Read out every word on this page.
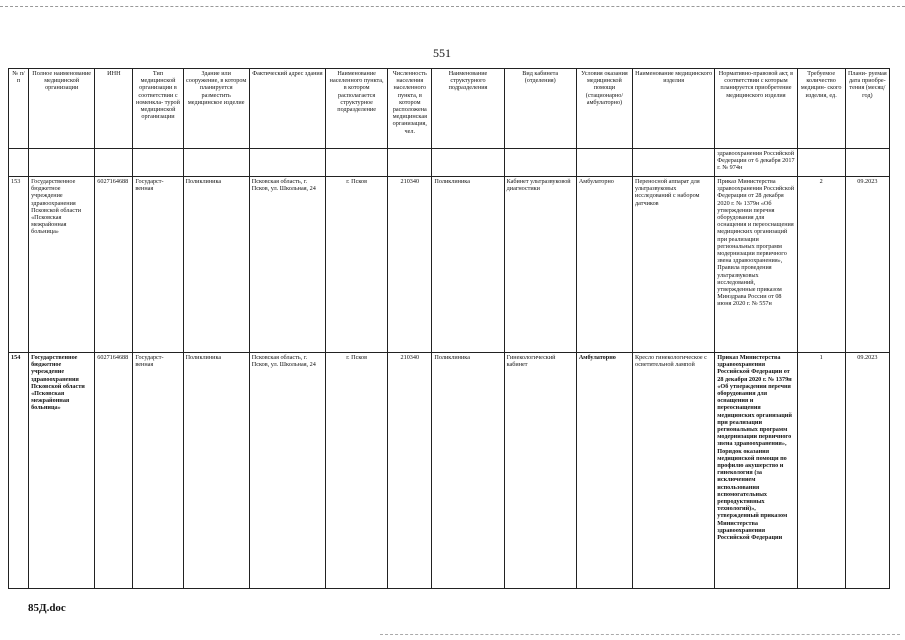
551
№ п/п	Полное наименование медицинской организации	ИНН	Тип медицинской организации в соответствии с номенкла- турой медицинской организации	Здание или сооружение, в котором планируется разместить медицинское изделие	Фактический адрес здания	Наименование населенного пункта, в котором располагается структурное подразделение	Численность населения населенного пункта, в котором расположена медицинская организация, чел.	Наименование структурного подразделения	Вид кабинета (отделения)	Условия оказания медицинской помощи (стационарно/ амбулаторно)	Наименование медицинского изделия	Нормативно-правовой акт, в соответствии с которым планируется приобретение медицинского изделия	Требуемое количество медицин- ского изделия, ед.	Плани- руемая дата приобре- тения (месяц/ год)
												здравоохранения Российской Федерации от 6 декабря 2017 г. № 974н		
153	Государственное бюджетное учреждение здравоохранения Псковской области «Псковская межрайонная больница»	6027164688	Государст- венная	Поликлиника	Псковская область, г. Псков, ул. Школьная, 24	г. Псков	210340	Поликлиника	Кабинет ультразвуковой диагностики	Амбулаторно	Переносной аппарат для ультразвуковых исследований с набором датчиков	Приказ Министерства здравоохранения Российской Федерации от 28 декабря 2020 г. № 1379н «Об утверждении перечня оборудования для оснащения и переоснащения медицинских организаций при реализации региональных программ модернизации первичного звена здравоохранения», Правила проведения ультразвуковых исследований, утвержденные приказом Минздрава России от 08 июня 2020 г. № 557н	2	09.2023
154	Государственное бюджетное учреждение здравоохранения Псковской области «Псковская межрайонная больница»	6027164688	Государст- венная	Поликлиника	Псковская область, г. Псков, ул. Школьная, 24	г. Псков	210340	Поликлиника	Гинекологический кабинет	Амбулаторно	Кресло гинекологическое с осветительной лампой	Приказ Министерства здравоохранения Российской Федерации от 28 декабря 2020 г. № 1379н «Об утверждении перечня оборудования для оснащения и переоснащения медицинских организаций при реализации региональных программ модернизации первичного звена здравоохранения», Порядок оказания медицинской помощи по профилю акушерство и гинекология (за исключением использования вспомогательных репродуктивных технологий)», утвержденный приказом Министерства здравоохранения Российской Федерации	1	09.2023
85Д.doc
